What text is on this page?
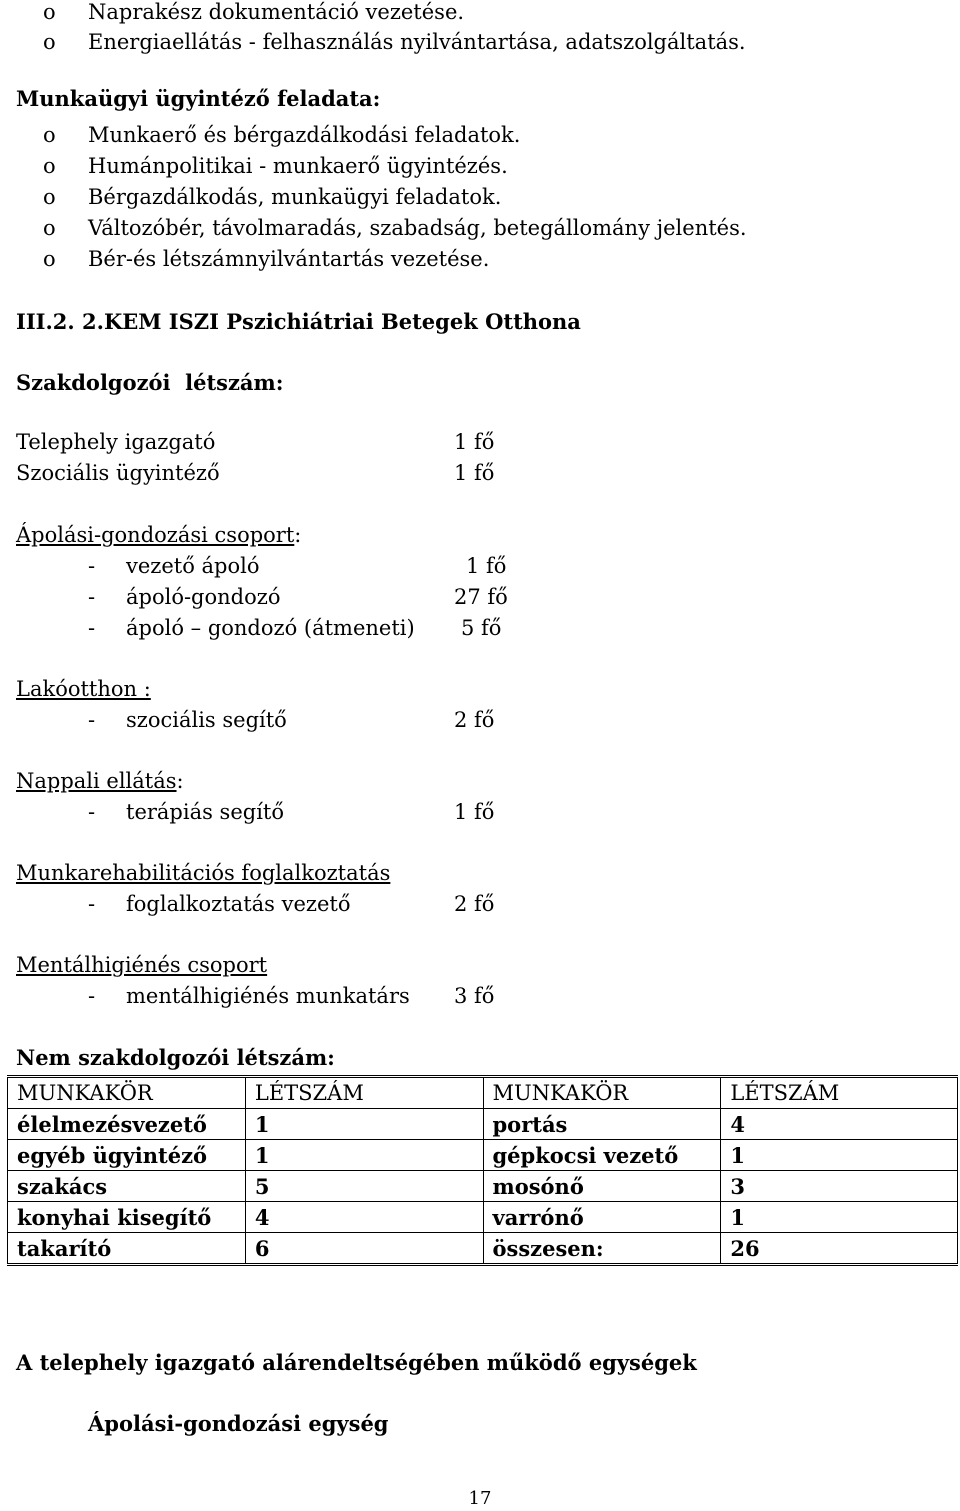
o Naprakész dokumentáció vezetése.
o Energiaellátás - felhasználás nyilvántartása, adatszolgáltatás.
Munkaügyi ügyintéző feladata:
o Munkaerő és bérgazdálkodási feladatok.
o Humánpolitikai - munkaerő ügyintézés.
o Bérgazdálkodás, munkaügyi feladatok.
o Változóbér, távolmaradás, szabadság, betegállomány jelentés.
o Bér-és létszámnyilvántartás vezetése.
III.2. 2.KEM ISZI Pszichiátriai Betegek Otthona
Szakdolgozói  létszám:
Telephely igazgató	1 fő
Szociális ügyintéző	1 fő
Ápolási-gondozási csoport:
- vezető ápoló	1 fő
- ápoló-gondozó	27 fő
- ápoló – gondozó (átmeneti) 5 fő
Lakóotthon :
- szociális segítő	2 fő
Nappali ellátás:
- terápiás segítő	1 fő
Munkarehabilitációs foglalkoztatás
- foglalkoztatás vezető	2 fő
Mentálhigiénés csoport
- mentálhigiénés munkatárs 3 fő
Nem szakdolgozói létszám:
MUNKAKÖR	LÉTSZÁM	MUNKAKÖR	LÉTSZÁM
élelmezésvezető	1	portás	4
egyéb ügyintéző	1	gépkocsi vezető	1
szakács	5	mosónő	3
konyhai kisegítő	4	varrónő	1
takarító	6	összesen:	26
A telephely igazgató alárendeltségében működő egységek
Ápolási-gondozási egység
17
